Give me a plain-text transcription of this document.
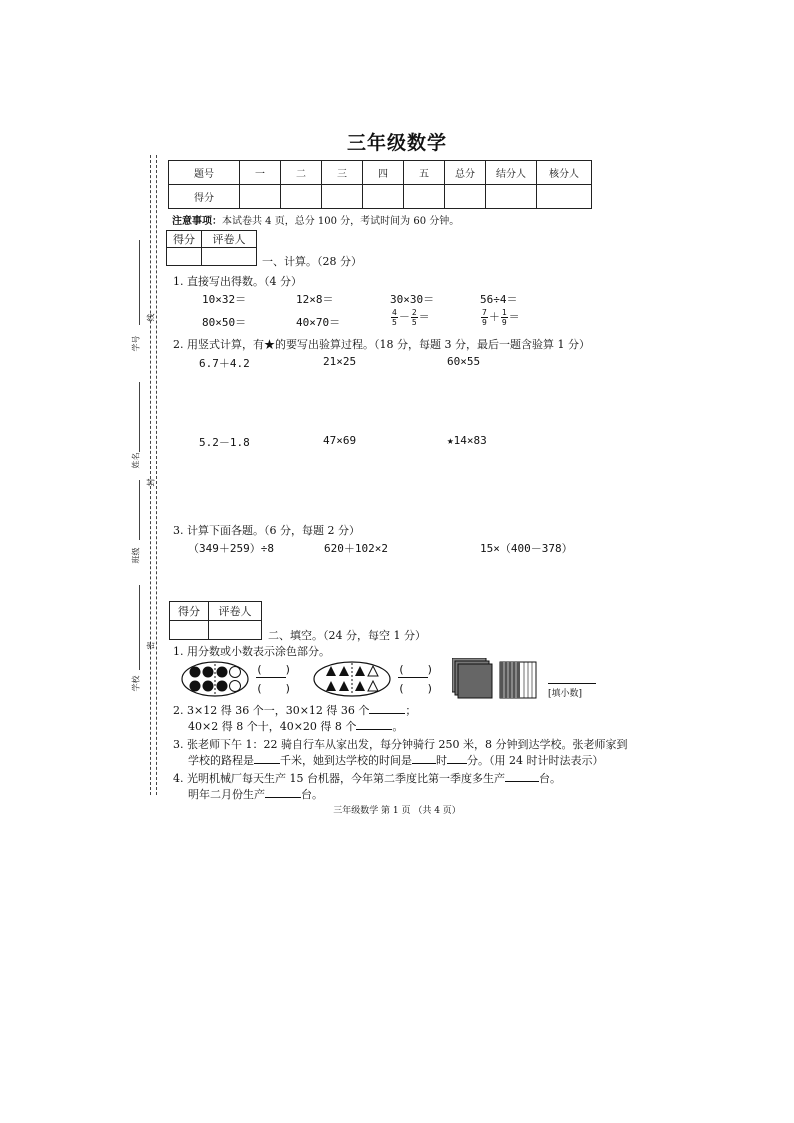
学号
姓名
班级
学校
线
封
密
三年级数学
题号	一	二	三	四	五	总分	结分人	核分人
得分								
注意事项：本试卷共 4 页，总分 100 分，考试时间为 60 分钟。
得分	评卷人

一、计算。（28 分）
1. 直接写出得数。（4 分）
10×32＝	12×8＝	30×30＝	56÷4＝
80×50＝	40×70＝	$\frac{4}{5} - \frac{2}{5}$ ＝	$\frac{7}{9} + \frac{1}{9}$ ＝
2. 用竖式计算，有★的要写出验算过程。（18 分，每题 3 分，最后一题含验算 1 分）
6.7＋4.2	21×25	60×55
5.2－1.8	47×69	★14×83
3. 计算下面各题。（6 分，每题 2 分）
（349＋259）÷8	620＋102×2	15×（400－378）
得分	评卷人

二、填空。（24 分，每空 1 分）
1. 用分数或小数表示涂色部分。
(　　)
(　　)
(　　)
(　　)	[填小数]
2. 3×12 得 36 个一，30×12 得 36 个	；
40×2 得 8 个十，40×20 得 8 个	。
3. 张老师下午 1：22 骑自行车从家出发，每分钟骑行 250 米，8 分钟到达学校。张老师家到
学校的路程是 千米，她到达学校的时间是 时 分。（用 24 时计时法表示）
4. 光明机械厂每天生产 15 台机器，今年第二季度比第一季度多生产	台。
明年二月份生产	台。
三年级数学 第 1 页 （共 4 页）
